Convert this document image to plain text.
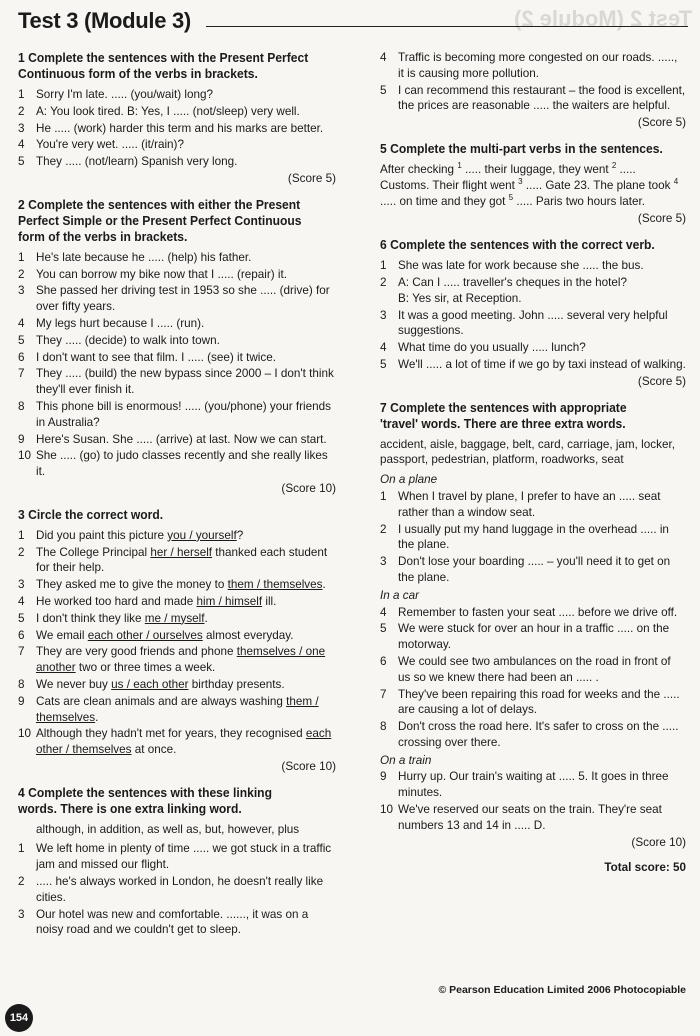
Test 2 (Module 2)
Test 3 (Module 3)
1 Complete the sentences with the Present Perfect Continuous form of the verbs in brackets.
1 Sorry I'm late. ..... (you/wait) long?
2 A: You look tired. B: Yes, I ..... (not/sleep) very well.
3 He ..... (work) harder this term and his marks are better.
4 You're very wet. ..... (it/rain)?
5 They ..... (not/learn) Spanish very long.
(Score 5)
2 Complete the sentences with either the Present Perfect Simple or the Present Perfect Continuous form of the verbs in brackets.
1 He's late because he ..... (help) his father.
2 You can borrow my bike now that I ..... (repair) it.
3 She passed her driving test in 1953 so she ..... (drive) for over fifty years.
4 My legs hurt because I ..... (run).
5 They ..... (decide) to walk into town.
6 I don't want to see that film. I ..... (see) it twice.
7 They ..... (build) the new bypass since 2000 – I don't think they'll ever finish it.
8 This phone bill is enormous! ..... (you/phone) your friends in Australia?
9 Here's Susan. She ..... (arrive) at last. Now we can start.
10 She ..... (go) to judo classes recently and she really likes it.
(Score 10)
3 Circle the correct word.
1 Did you paint this picture you / yourself?
2 The College Principal her / herself thanked each student for their help.
3 They asked me to give the money to them / themselves.
4 He worked too hard and made him / himself ill.
5 I don't think they like me / myself.
6 We email each other / ourselves almost everyday.
7 They are very good friends and phone themselves / one another two or three times a week.
8 We never buy us / each other birthday presents.
9 Cats are clean animals and are always washing them / themselves.
10 Although they hadn't met for years, they recognised each other / themselves at once.
(Score 10)
4 Complete the sentences with these linking words. There is one extra linking word.
although, in addition, as well as, but, however, plus
1 We left home in plenty of time ..... we got stuck in a traffic jam and missed our flight.
2 ..... he's always worked in London, he doesn't really like cities.
3 Our hotel was new and comfortable. ......, it was on a noisy road and we couldn't get to sleep.
4 Traffic is becoming more congested on our roads. ....., it is causing more pollution.
5 I can recommend this restaurant – the food is excellent, the prices are reasonable ..... the waiters are helpful.
(Score 5)
5 Complete the multi-part verbs in the sentences.
After checking $^1$ ..... their luggage, they went $^2$ ..... Customs. Their flight went $^3$ ..... Gate 23. The plane took $^4$ ..... on time and they got $^5$ ..... Paris two hours later.
(Score 5)
6 Complete the sentences with the correct verb.
1 She was late for work because she ..... the bus.
2 A: Can I ..... traveller's cheques in the hotel?
B: Yes sir, at Reception.
3 It was a good meeting. John ..... several very helpful suggestions.
4 What time do you usually ..... lunch?
5 We'll ..... a lot of time if we go by taxi instead of walking.
(Score 5)
7 Complete the sentences with appropriate 'travel' words. There are three extra words.
accident, aisle, baggage, belt, card, carriage, jam, locker, passport, pedestrian, platform, roadworks, seat
On a plane
1 When I travel by plane, I prefer to have an ..... seat rather than a window seat.
2 I usually put my hand luggage in the overhead ..... in the plane.
3 Don't lose your boarding ..... – you'll need it to get on the plane.
In a car
4 Remember to fasten your seat ..... before we drive off.
5 We were stuck for over an hour in a traffic ..... on the motorway.
6 We could see two ambulances on the road in front of us so we knew there had been an ..... .
7 They've been repairing this road for weeks and the ..... are causing a lot of delays.
8 Don't cross the road here. It's safer to cross on the ..... crossing over there.
On a train
9 Hurry up. Our train's waiting at ..... 5. It goes in three minutes.
10 We've reserved our seats on the train. They're seat numbers 13 and 14 in ..... D.
(Score 10)
Total score: 50
154
© Pearson Education Limited 2006 Photocopiable
